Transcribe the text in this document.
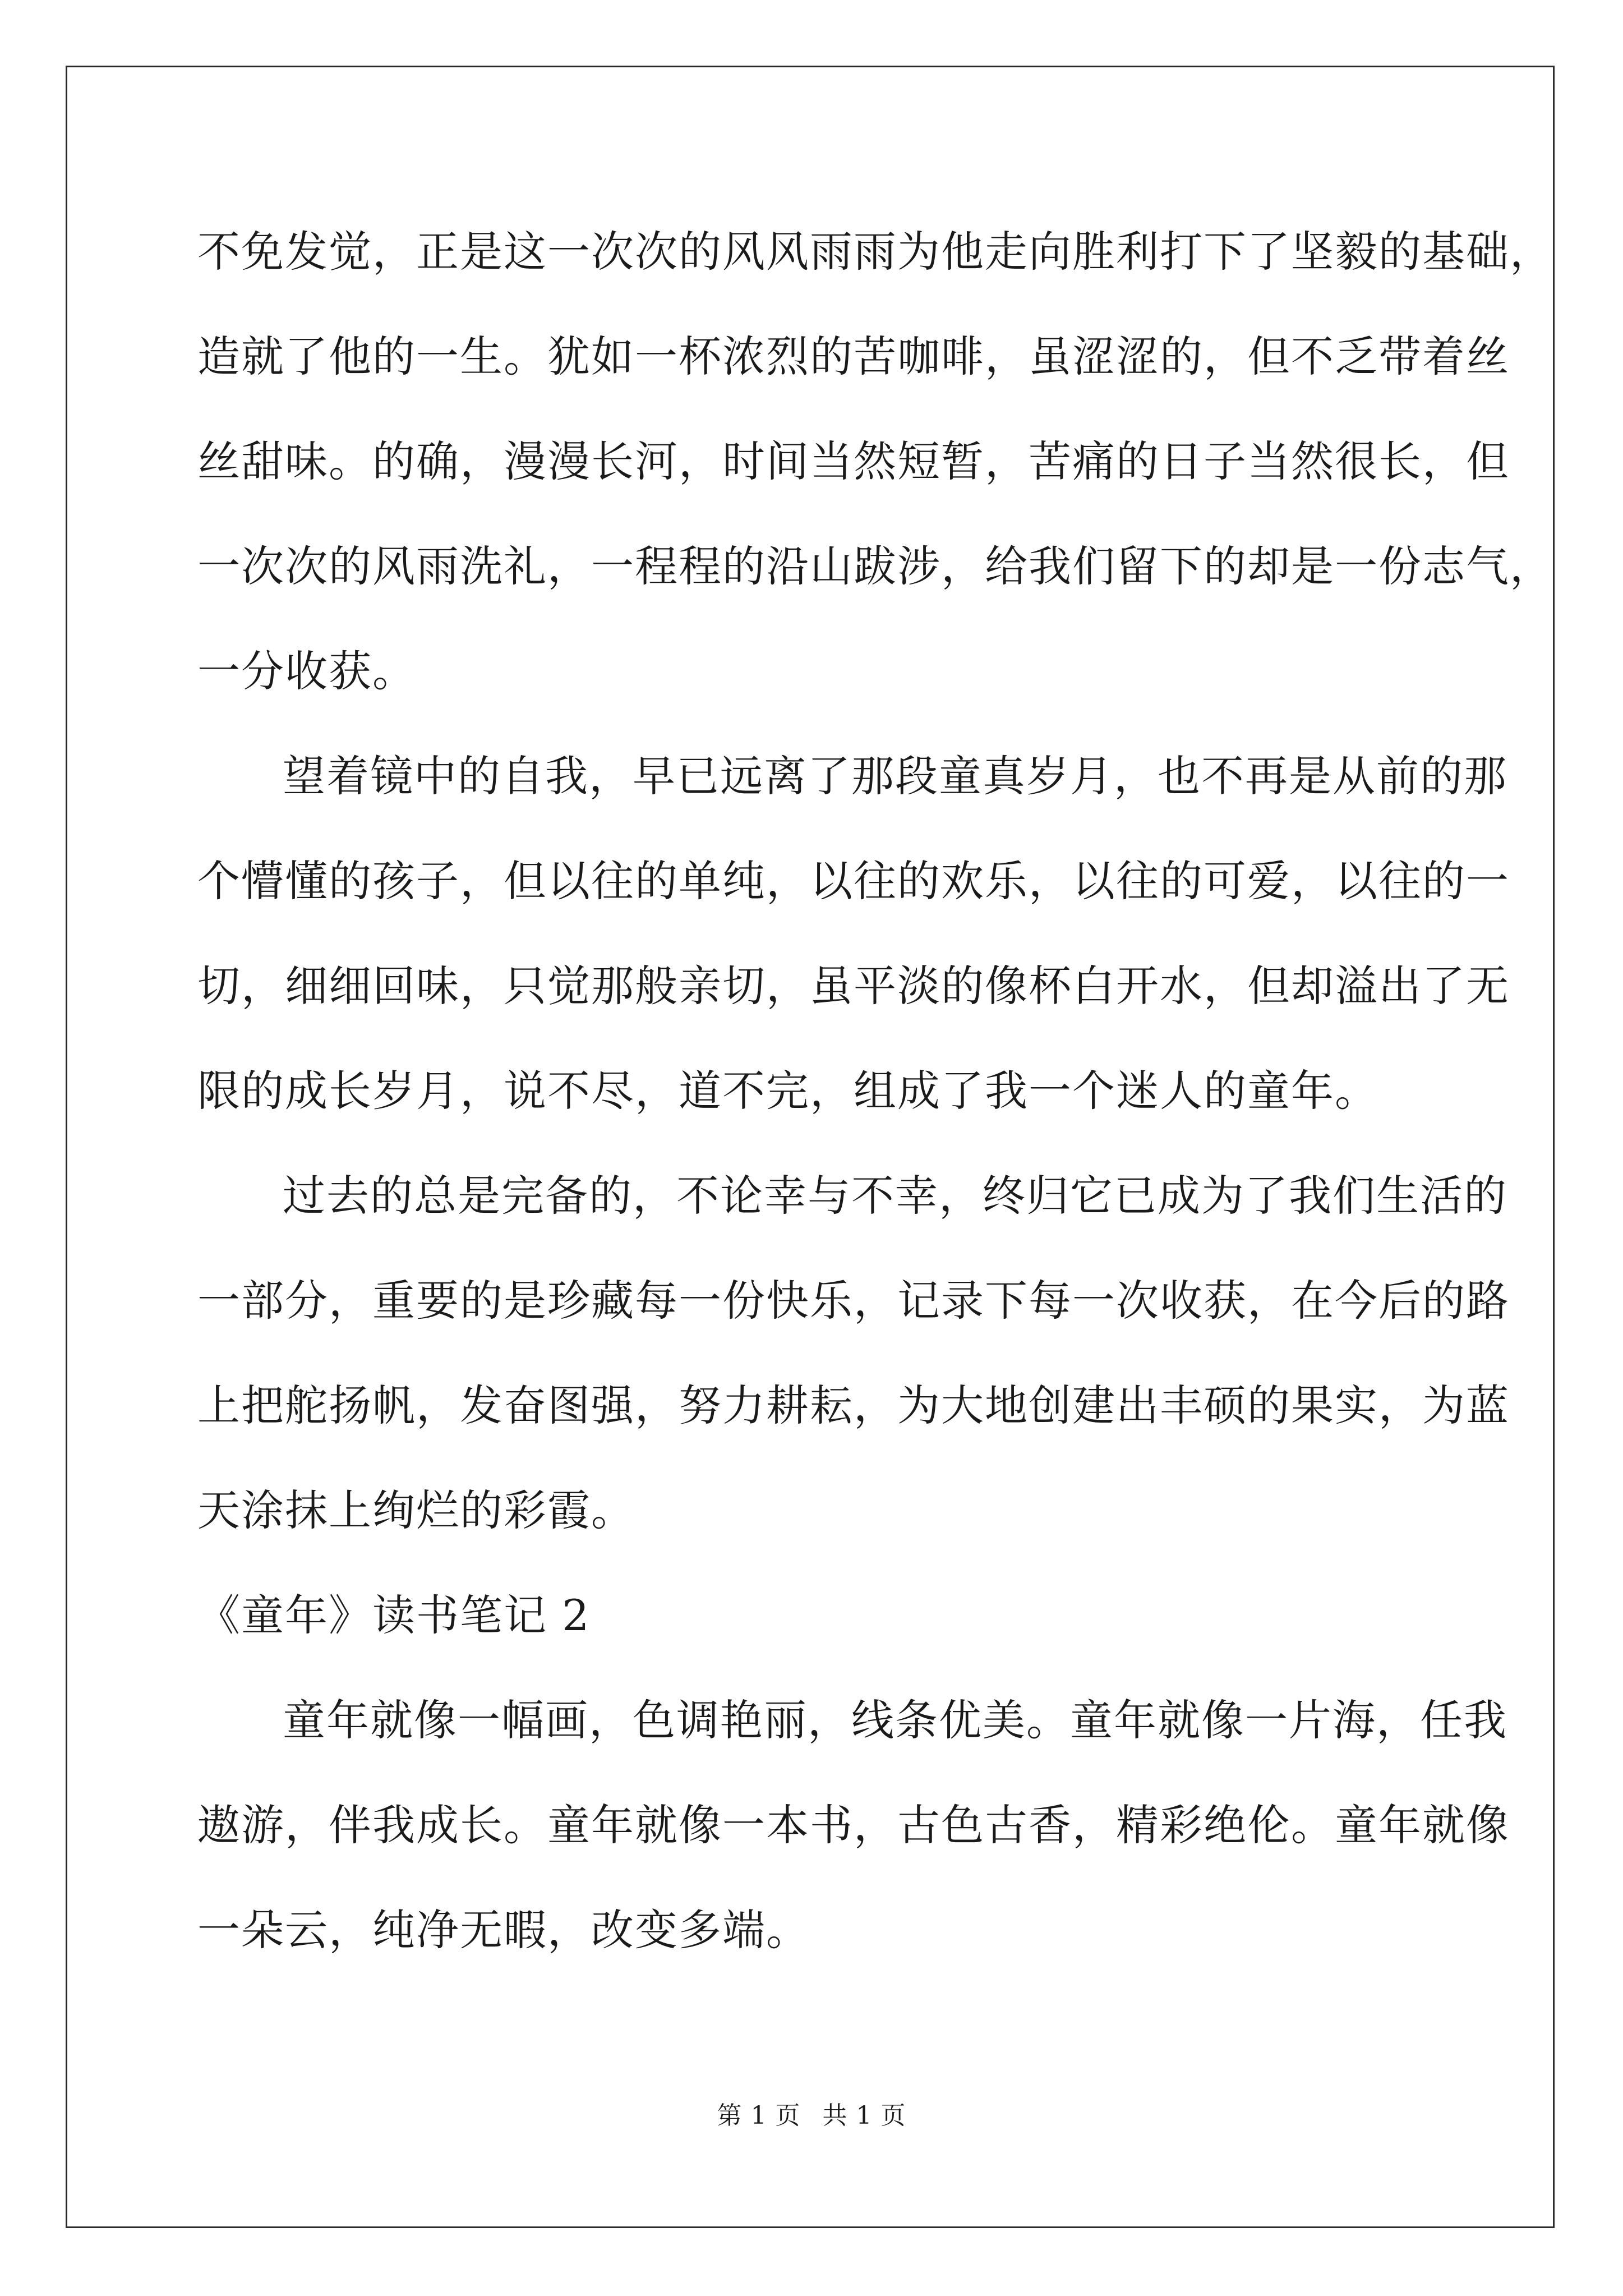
不 免 发 觉 ， 正 是 这 一 次 次 的 风 风 雨 雨 为 他 走 向 胜 利 打 下 了 坚 毅 的 基 础 ，
造 就 了 他 的 一 生 。 犹 如 一 杯 浓 烈 的 苦 咖 啡 ， 虽 涩 涩 的 ， 但 不 乏 带 着 丝
丝 甜 味 。 的 确 ， 漫 漫 长 河 ， 时 间 当 然 短 暂 ， 苦 痛 的 日 子 当 然 很 长 ， 但
一 次 次 的 风 雨 洗 礼 ， 一 程 程 的 沿 山 跋 涉 ， 给 我 们 留 下 的 却 是 一 份 志 气 ，
一分收获。
望 着 镜 中 的 自 我 ， 早 已 远 离 了 那 段 童 真 岁 月 ， 也 不 再 是 从 前 的 那
个 懵 懂 的 孩 子 ， 但 以 往 的 单 纯 ， 以 往 的 欢 乐 ， 以 往 的 可 爱 ， 以 往 的 一
切 ， 细 细 回 味 ， 只 觉 那 般 亲 切 ， 虽 平 淡 的 像 杯 白 开 水 ， 但 却 溢 出 了 无
限的成长岁月，说不尽，道不完，组成了我一个迷人的童年。
过 去 的 总 是 完 备 的 ， 不 论 幸 与 不 幸 ， 终 归 它 已 成 为 了 我 们 生 活 的
一 部 分 ， 重 要 的 是 珍 藏 每 一 份 快 乐 ， 记 录 下 每 一 次 收 获 ， 在 今 后 的 路
上 把 舵 扬 帆 ， 发 奋 图 强 ， 努 力 耕 耘 ， 为 大 地 创 建 出 丰 硕 的 果 实 ， 为 蓝
天涂抹上绚烂的彩霞。
《童年》读书笔记 2
童 年 就 像 一 幅 画 ， 色 调 艳 丽 ， 线 条 优 美 。 童 年 就 像 一 片 海 ， 任 我
遨 游 ， 伴 我 成 长 。 童 年 就 像 一 本 书 ， 古 色 古 香 ， 精 彩 绝 伦 。 童 年 就 像
一朵云，纯净无暇，改变多端。
第 1 页 共 1 页
